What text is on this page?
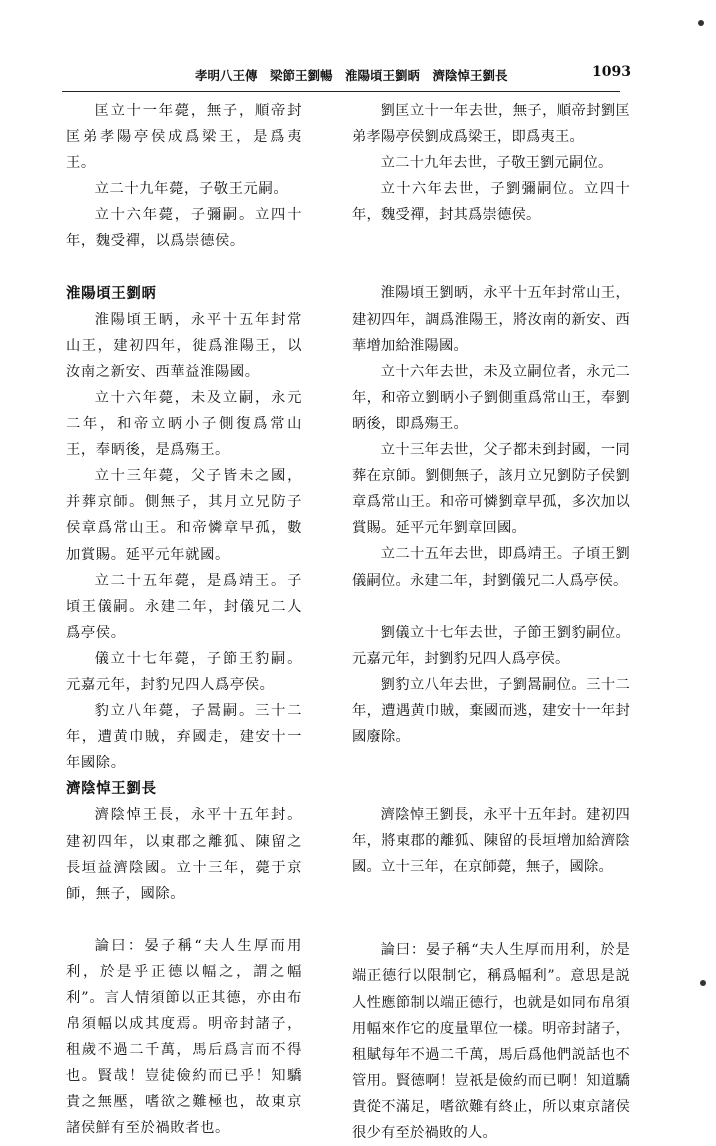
孝明八王傳　梁節王劉暢　淮陽頃王劉昞　濟陰悼王劉長	1093

匡立十一年薨，無子，順帝封匡弟孝陽亭侯成爲梁王，是爲夷王。

立二十九年薨，子敬王元嗣。

立十六年薨，子彌嗣。立四十年，魏受禪，以爲崇德侯。

淮陽頃王劉昞

淮陽頃王昞，永平十五年封常山王，建初四年，徙爲淮陽王，以汝南之新安、西華益淮陽國。

立十六年薨，未及立嗣，永元二年，和帝立昞小子側復爲常山王，奉昞後，是爲殤王。

立十三年薨，父子皆未之國，并葬京師。側無子，其月立兄防子侯章爲常山王。和帝憐章早孤，數加賞賜。延平元年就國。

立二十五年薨，是爲靖王。子頃王儀嗣。永建二年，封儀兄二人爲亭侯。

儀立十七年薨，子節王豹嗣。元嘉元年，封豹兄四人爲亭侯。

豹立八年薨，子暠嗣。三十二年，遭黄巾賊，弃國走，建安十一年國除。

濟陰悼王劉長

濟陰悼王長，永平十五年封。建初四年，以東郡之離狐、陳留之長垣益濟陰國。立十三年，薨于京師，無子，國除。

論曰：晏子稱“夫人生厚而用利，於是乎正德以幅之，謂之幅利”。言人情須節以正其德，亦由布帛須幅以成其度焉。明帝封諸子，租歲不過二千萬，馬后爲言而不得也。賢哉！豈徒儉約而已乎！知驕貴之無壓，嗜欲之難極也，故東京諸侯鮮有至於禍敗者也。

劉匡立十一年去世，無子，順帝封劉匡弟孝陽亭侯劉成爲梁王，即爲夷王。

立二十九年去世，子敬王劉元嗣位。

立十六年去世，子劉彌嗣位。立四十年，魏受禪，封其爲崇德侯。

淮陽頃王劉昞，永平十五年封常山王，建初四年，調爲淮陽王，將汝南的新安、西華增加給淮陽國。

立十六年去世，未及立嗣位者，永元二年，和帝立劉昞小子劉側重爲常山王，奉劉昞後，即爲殤王。

立十三年去世，父子都未到封國，一同葬在京師。劉側無子，該月立兄劉防子侯劉章爲常山王。和帝可憐劉章早孤，多次加以賞賜。延平元年劉章回國。

立二十五年去世，即爲靖王。子頃王劉儀嗣位。永建二年，封劉儀兄二人爲亭侯。

劉儀立十七年去世，子節王劉豹嗣位。元嘉元年，封劉豹兄四人爲亭侯。

劉豹立八年去世，子劉暠嗣位。三十二年，遭遇黄巾賊，棄國而逃，建安十一年封國廢除。

濟陰悼王劉長，永平十五年封。建初四年，將東郡的離狐、陳留的長垣增加給濟陰國。立十三年，在京師薨，無子，國除。

論曰：晏子稱“夫人生厚而用利，於是端正德行以限制它，稱爲幅利”。意思是説人性應節制以端正德行，也就是如同布帛須用幅來作它的度量單位一樣。明帝封諸子，租賦每年不過二千萬，馬后爲他們説話也不管用。賢德啊！豈祇是儉約而已啊！知道驕貴從不滿足，嗜欲難有終止，所以東京諸侯很少有至於禍敗的人。
